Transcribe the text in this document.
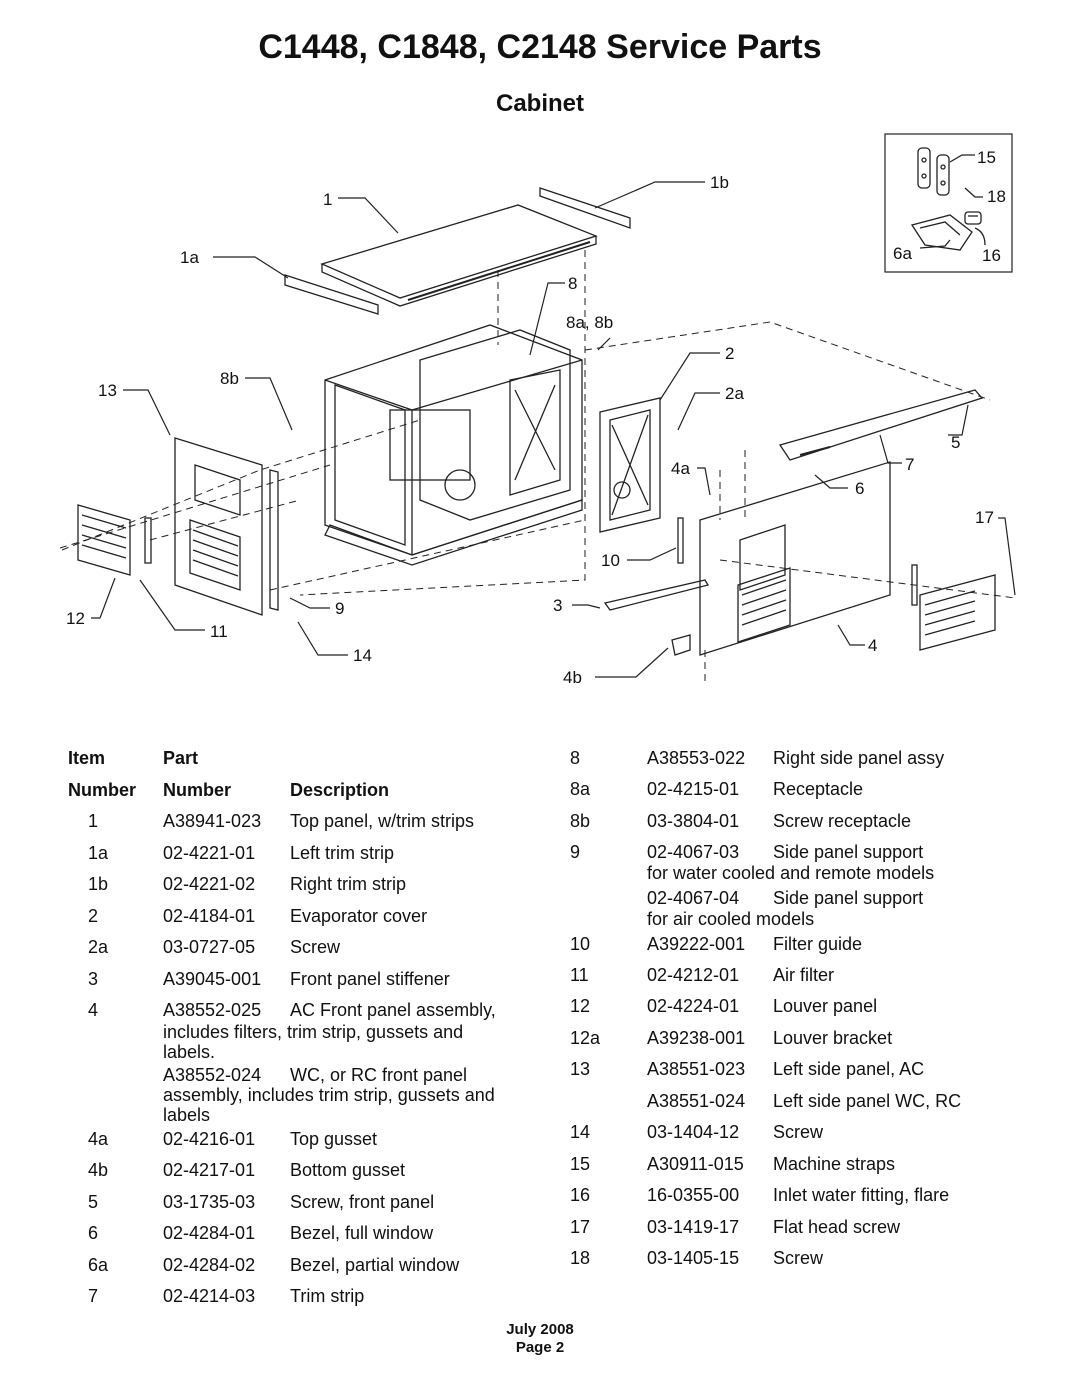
C1448, C1848, C2148 Service Parts
Cabinet
1
1a
1b
8
8a, 8b
2
2a
13
8b
5
7
6
4a
17
10
12
11
9	3
14
4
4b
15
18
6a	16
Item	Part
Number Number	Description
1	A38941-023 Top panel, w/trim strips
1a	02-4221-01 Left trim strip
1b	02-4221-02 Right trim strip
2	02-4184-01 Evaporator cover
2a	03-0727-05 Screw
3	A39045-001 Front panel stiffener
4	A38552-025 AC Front panel assembly,
includes filters, trim strip, gussets and
labels.
A38552-024 WC, or RC front panel
assembly, includes trim strip, gussets and
labels
4a	02-4216-01 Top gusset
4b	02-4217-01 Bottom gusset
5	03-1735-03 Screw, front panel
6	02-4284-01 Bezel, full window
6a	02-4284-02 Bezel, partial window
7	02-4214-03 Trim strip
8	A38553-022 Right side panel assy
8a	02-4215-01 Receptacle
8b	03-3804-01 Screw receptacle
9	02-4067-03 Side panel support
for water cooled and remote models
02-4067-04 Side panel support
for air cooled models
10	A39222-001 Filter guide
11	02-4212-01 Air filter
12	02-4224-01 Louver panel
12a	A39238-001 Louver bracket
13	A38551-023 Left side panel, AC
A38551-024 Left side panel WC, RC
14	03-1404-12 Screw
15	A30911-015 Machine straps
16	16-0355-00 Inlet water fitting, flare
17	03-1419-17 Flat head screw
18	03-1405-15 Screw
July 2008
Page 2
